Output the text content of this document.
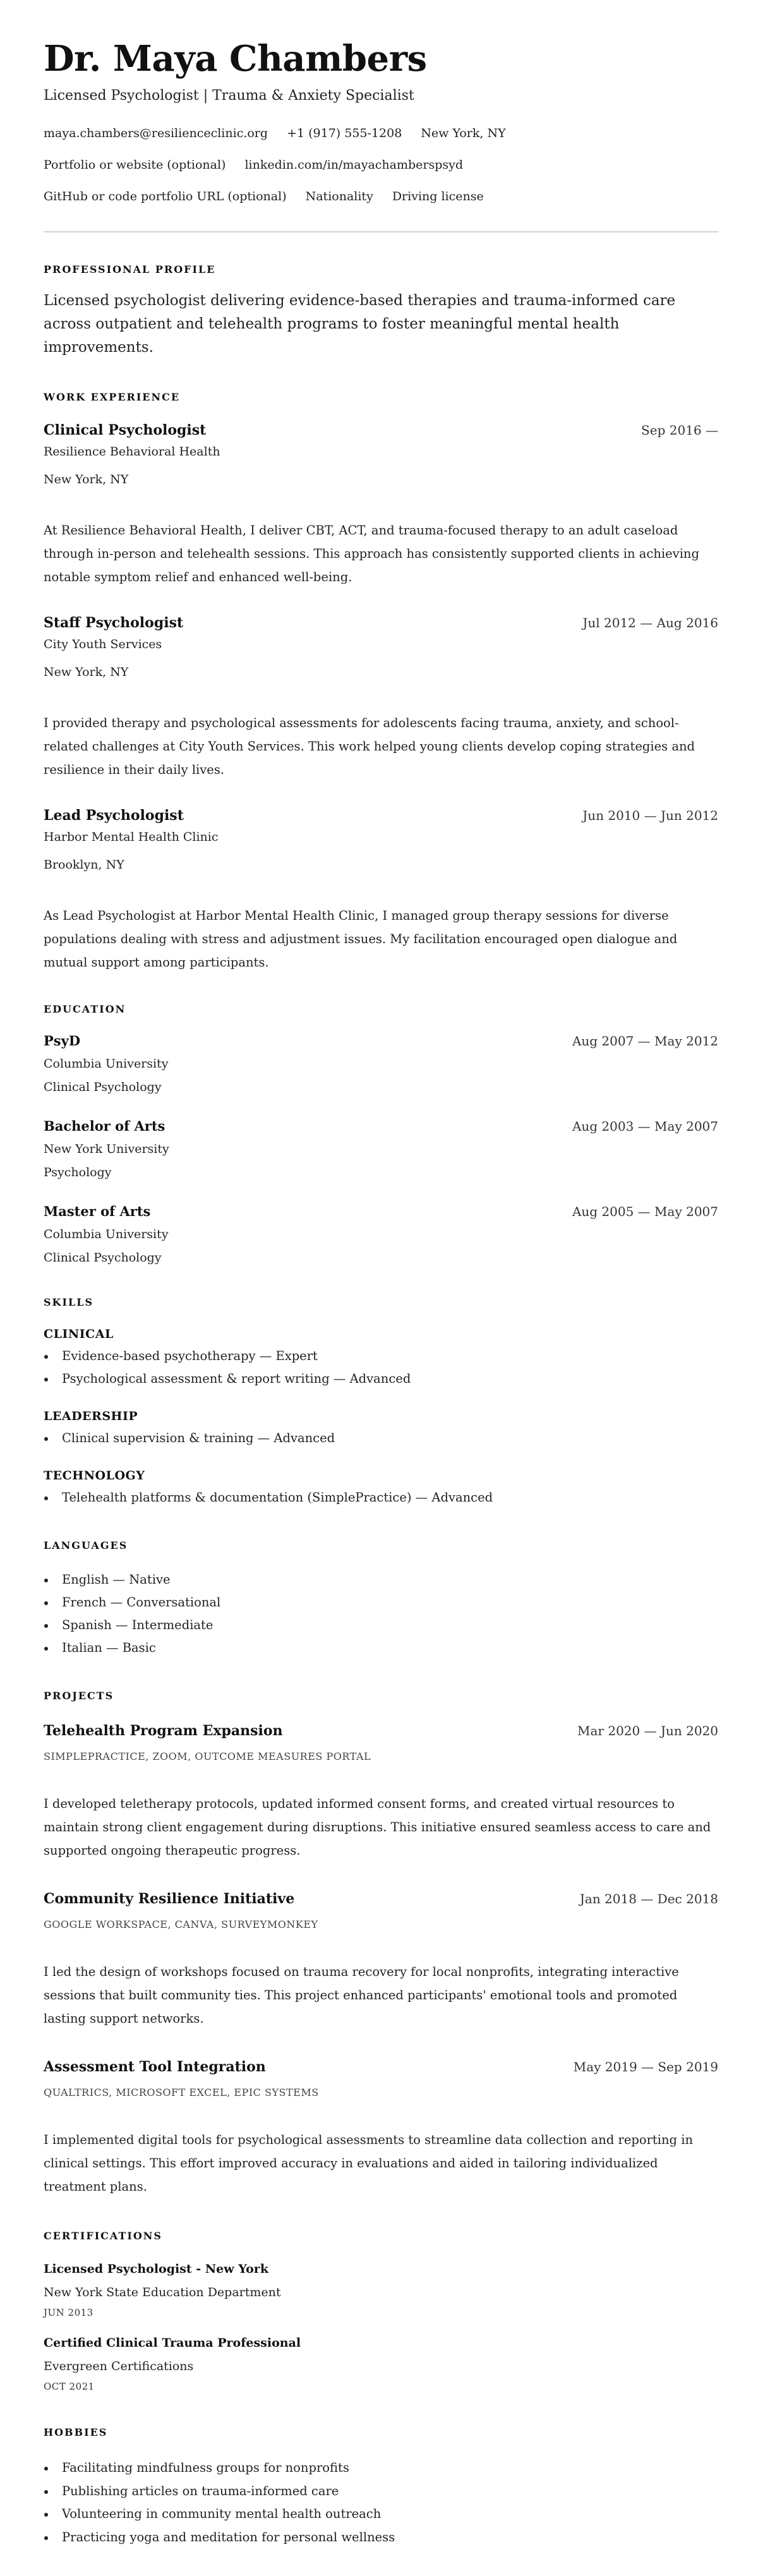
Dr. Maya Chambers
Licensed Psychologist | Trauma & Anxiety Specialist
maya.chambers@resilienceclinic.org +1 (917) 555-1208 New York, NY
Portfolio or website (optional) linkedin.com/in/mayachamberspsyd
GitHub or code portfolio URL (optional) Nationality Driving license
PROFESSIONAL PROFILE

Licensed psychologist delivering evidence-based therapies and trauma-informed care across outpatient and telehealth programs to foster meaningful mental health improvements.

WORK EXPERIENCE
Clinical Psychologist	Sep 2016 —
Resilience Behavioral Health
New York, NY
At Resilience Behavioral Health, I deliver CBT, ACT, and trauma-focused therapy to an adult caseload through in-person and telehealth sessions. This approach has consistently supported clients in achieving notable symptom relief and enhanced well-being.
Staff Psychologist	Jul 2012 — Aug 2016
City Youth Services
New York, NY
I provided therapy and psychological assessments for adolescents facing trauma, anxiety, and school-related challenges at City Youth Services. This work helped young clients develop coping strategies and resilience in their daily lives.
Lead Psychologist	Jun 2010 — Jun 2012
Harbor Mental Health Clinic
Brooklyn, NY
As Lead Psychologist at Harbor Mental Health Clinic, I managed group therapy sessions for diverse populations dealing with stress and adjustment issues. My facilitation encouraged open dialogue and mutual support among participants.
EDUCATION
PsyD	Aug 2007 — May 2012
Columbia University
Clinical Psychology
Bachelor of Arts	Aug 2003 — May 2007
New York University
Psychology
Master of Arts	Aug 2005 — May 2007
Columbia University
Clinical Psychology
SKILLS
CLINICAL
Evidence-based psychotherapy — Expert
Psychological assessment & report writing — Advanced
LEADERSHIP
Clinical supervision & training — Advanced
TECHNOLOGY
Telehealth platforms & documentation (SimplePractice) — Advanced
LANGUAGES
English — Native
French — Conversational
Spanish — Intermediate
Italian — Basic
PROJECTS
Telehealth Program Expansion	Mar 2020 — Jun 2020
SIMPLEPRACTICE, ZOOM, OUTCOME MEASURES PORTAL
I developed teletherapy protocols, updated informed consent forms, and created virtual resources to maintain strong client engagement during disruptions. This initiative ensured seamless access to care and supported ongoing therapeutic progress.
Community Resilience Initiative	Jan 2018 — Dec 2018
GOOGLE WORKSPACE, CANVA, SURVEYMONKEY
I led the design of workshops focused on trauma recovery for local nonprofits, integrating interactive sessions that built community ties. This project enhanced participants' emotional tools and promoted lasting support networks.
Assessment Tool Integration	May 2019 — Sep 2019
QUALTRICS, MICROSOFT EXCEL, EPIC SYSTEMS
I implemented digital tools for psychological assessments to streamline data collection and reporting in clinical settings. This effort improved accuracy in evaluations and aided in tailoring individualized treatment plans.
CERTIFICATIONS
Licensed Psychologist - New York
New York State Education Department
JUN 2013
Certified Clinical Trauma Professional
Evergreen Certifications
OCT 2021
HOBBIES
Facilitating mindfulness groups for nonprofits
Publishing articles on trauma-informed care
Volunteering in community mental health outreach
Practicing yoga and meditation for personal wellness
